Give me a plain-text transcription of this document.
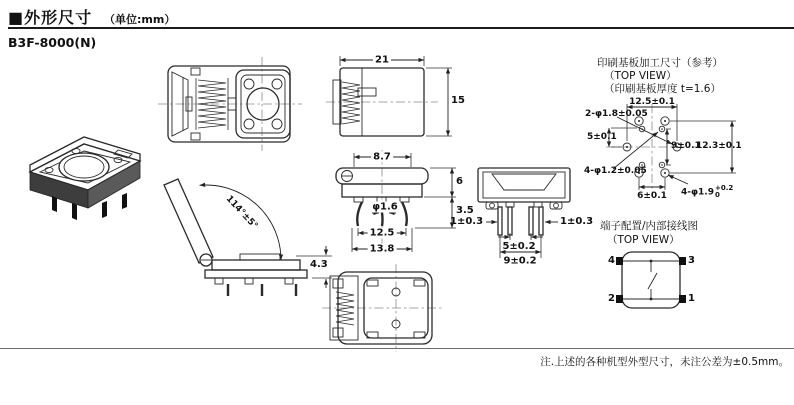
■外形尺寸 （单位:mm）
B3F-8000(N)
21
15
8.7
6
3.5
φ1.6
12.5
13.8
114°±5°
4.3
1±0.3	1±0.3
5±0.2
9±0.2
印刷基板加工尺寸（参考）
（TOP VIEW）
（印刷基板厚度 t=1.6）
12.5±0.1
2-φ1.8±0.05
5±0.1
9±0.1
12.3±0.1
4-φ1.2±0.05
6±0.1 4-φ1.9 +0.2
0
端子配置/内部接线图
（TOP VIEW）
4	3
2	1
注.上述的各种机型外型尺寸，未注公差为±0.5mm。
